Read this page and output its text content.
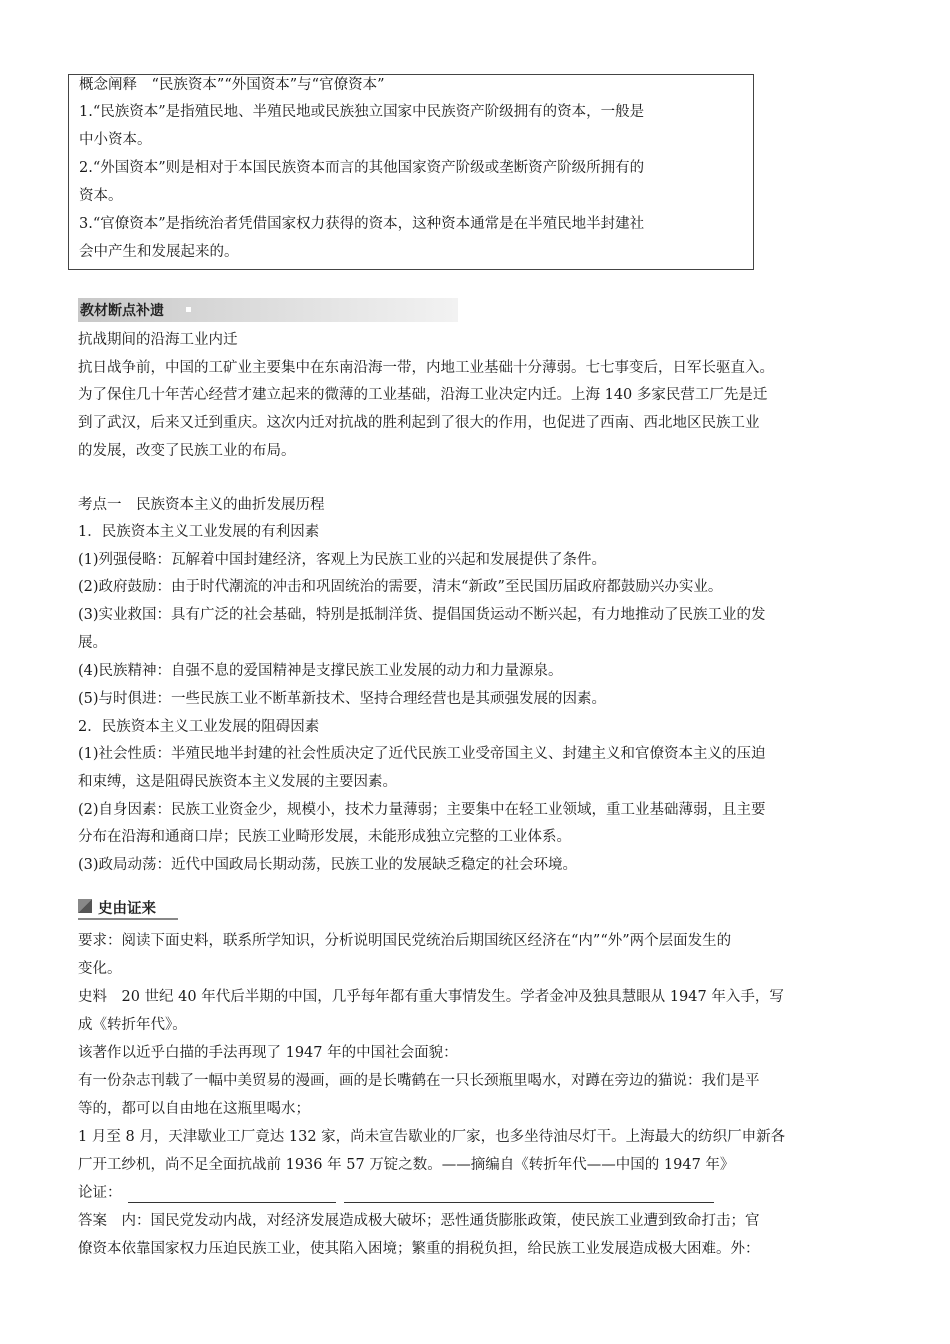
概念阐释　“民族资本”“外国资本”与“官僚资本”
1.“民族资本”是指殖民地、半殖民地或民族独立国家中民族资产阶级拥有的资本，一般是
中小资本。
2.“外国资本”则是相对于本国民族资本而言的其他国家资产阶级或垄断资产阶级所拥有的
资本。
3.“官僚资本”是指统治者凭借国家权力获得的资本，这种资本通常是在半殖民地半封建社
会中产生和发展起来的。
教材断点补遗
抗战期间的沿海工业内迁
抗日战争前，中国的工矿业主要集中在东南沿海一带，内地工业基础十分薄弱。七七事变后，日军长驱直入。
为了保住几十年苦心经营才建立起来的微薄的工业基础，沿海工业决定内迁。上海 140 多家民营工厂先是迁
到了武汉，后来又迁到重庆。这次内迁对抗战的胜利起到了很大的作用，也促进了西南、西北地区民族工业
的发展，改变了民族工业的布局。
考点一　民族资本主义的曲折发展历程
1．民族资本主义工业发展的有利因素
(1)列强侵略：瓦解着中国封建经济，客观上为民族工业的兴起和发展提供了条件。
(2)政府鼓励：由于时代潮流的冲击和巩固统治的需要，清末“新政”至民国历届政府都鼓励兴办实业。
(3)实业救国：具有广泛的社会基础，特别是抵制洋货、提倡国货运动不断兴起，有力地推动了民族工业的发
展。
(4)民族精神：自强不息的爱国精神是支撑民族工业发展的动力和力量源泉。
(5)与时俱进：一些民族工业不断革新技术、坚持合理经营也是其顽强发展的因素。
2．民族资本主义工业发展的阻碍因素
(1)社会性质：半殖民地半封建的社会性质决定了近代民族工业受帝国主义、封建主义和官僚资本主义的压迫
和束缚，这是阻碍民族资本主义发展的主要因素。
(2)自身因素：民族工业资金少，规模小，技术力量薄弱；主要集中在轻工业领域，重工业基础薄弱，且主要
分布在沿海和通商口岸；民族工业畸形发展，未能形成独立完整的工业体系。
(3)政局动荡：近代中国政局长期动荡，民族工业的发展缺乏稳定的社会环境。
史由证来
要求：阅读下面史料，联系所学知识，分析说明国民党统治后期国统区经济在“内”“外”两个层面发生的
变化。
史料　20 世纪 40 年代后半期的中国，几乎每年都有重大事情发生。学者金冲及独具慧眼从 1947 年入手，写
成《转折年代》。
该著作以近乎白描的手法再现了 1947 年的中国社会面貌：
有一份杂志刊载了一幅中美贸易的漫画，画的是长嘴鹤在一只长颈瓶里喝水，对蹲在旁边的猫说：我们是平
等的，都可以自由地在这瓶里喝水；
1 月至 8 月，天津歇业工厂竟达 132 家，尚未宣告歇业的厂家，也多坐待油尽灯干。上海最大的纺织厂申新各
厂开工纱机，尚不足全面抗战前 1936 年 57 万锭之数。——摘编自《转折年代——中国的 1947 年》
论证：
答案　内：国民党发动内战，对经济发展造成极大破坏；恶性通货膨胀政策，使民族工业遭到致命打击；官
僚资本依靠国家权力压迫民族工业，使其陷入困境；繁重的捐税负担，给民族工业发展造成极大困难。外：
